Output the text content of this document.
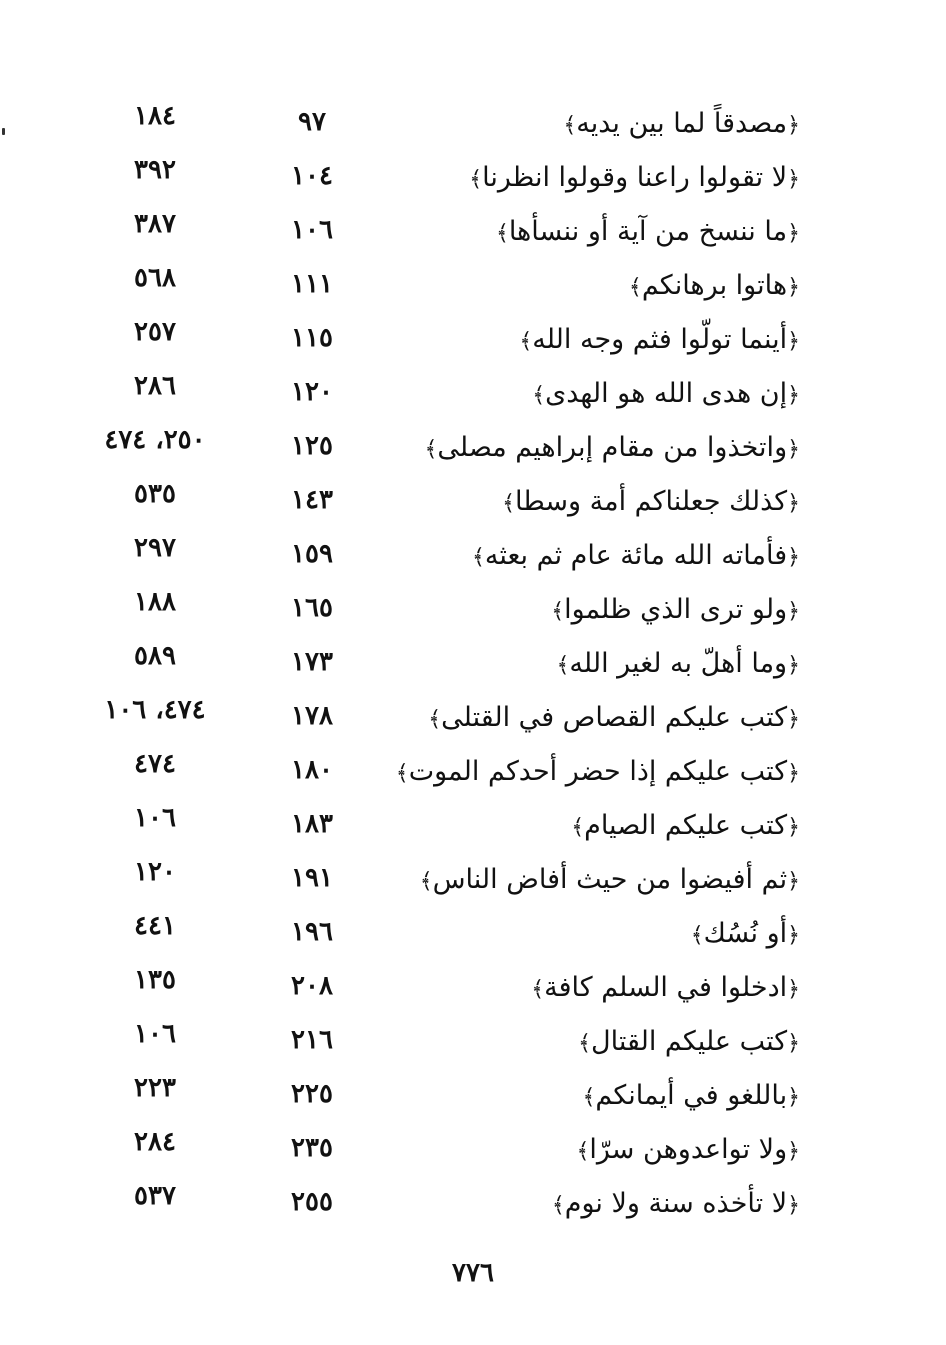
﴿مصدقاً لما بين يديه﴾
٩٧
١٨٤
﴿لا تقولوا راعنا وقولوا انظرنا﴾
١٠٤
٣٩٢
﴿ما ننسخ من آية أو ننسأها﴾
١٠٦
٣٨٧
﴿هاتوا برهانكم﴾
١١١
٥٦٨
﴿أينما تولّوا فثم وجه الله﴾
١١٥
٢٥٧
﴿إن هدى الله هو الهدى﴾
١٢٠
٢٨٦
﴿واتخذوا من مقام إبراهيم مصلى﴾
١٢٥
٢٥٠، ٤٧٤
﴿كذلك جعلناكم أمة وسطا﴾
١٤٣
٥٣٥
﴿فأماته الله مائة عام ثم بعثه﴾
١٥٩
٢٩٧
﴿ولو ترى الذي ظلموا﴾
١٦٥
١٨٨
﴿وما أهلّ به لغير الله﴾
١٧٣
٥٨٩
﴿كتب عليكم القصاص في القتلى﴾
١٧٨
٤٧٤، ١٠٦
﴿كتب عليكم إذا حضر أحدكم الموت﴾
١٨٠
٤٧٤
﴿كتب عليكم الصيام﴾
١٨٣
١٠٦
﴿ثم أفيضوا من حيث أفاض الناس﴾
١٩١
١٢٠
﴿أو نُسُك﴾
١٩٦
٤٤١
﴿ادخلوا في السلم كافة﴾
٢٠٨
١٣٥
﴿كتب عليكم القتال﴾
٢١٦
١٠٦
﴿باللغو في أيمانكم﴾
٢٢٥
٢٢٣
﴿ولا تواعدوهن سرّا﴾
٢٣٥
٢٨٤
﴿لا تأخذه سنة ولا نوم﴾
٢٥٥
٥٣٧
٧٧٦
